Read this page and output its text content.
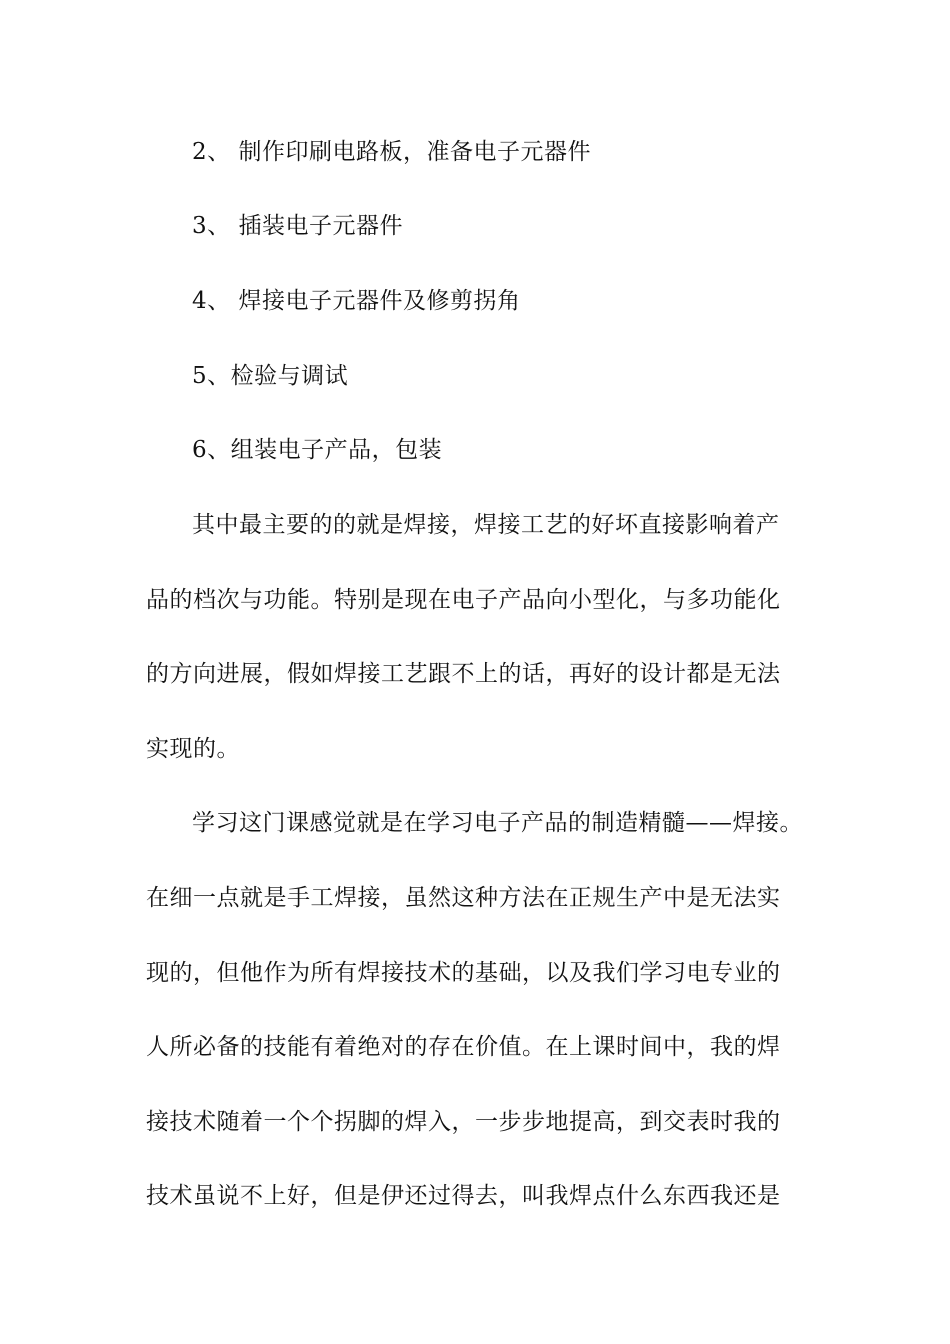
2、 制作印刷电路板，准备电子元器件
3、 插装电子元器件
4、 焊接电子元器件及修剪拐角
5、检验与调试
6、组装电子产品，包装
其中最主要的的就是焊接，焊接工艺的好坏直接影响着产
品的档次与功能。特别是现在电子产品向小型化，与多功能化
的方向进展，假如焊接工艺跟不上的话，再好的设计都是无法
实现的。
学习这门课感觉就是在学习电子产品的制造精髓——焊接。
在细一点就是手工焊接，虽然这种方法在正规生产中是无法实
现的，但他作为所有焊接技术的基础，以及我们学习电专业的
人所必备的技能有着绝对的存在价值。在上课时间中，我的焊
接技术随着一个个拐脚的焊入，一步步地提高，到交表时我的
技术虽说不上好，但是伊还过得去，叫我焊点什么东西我还是
